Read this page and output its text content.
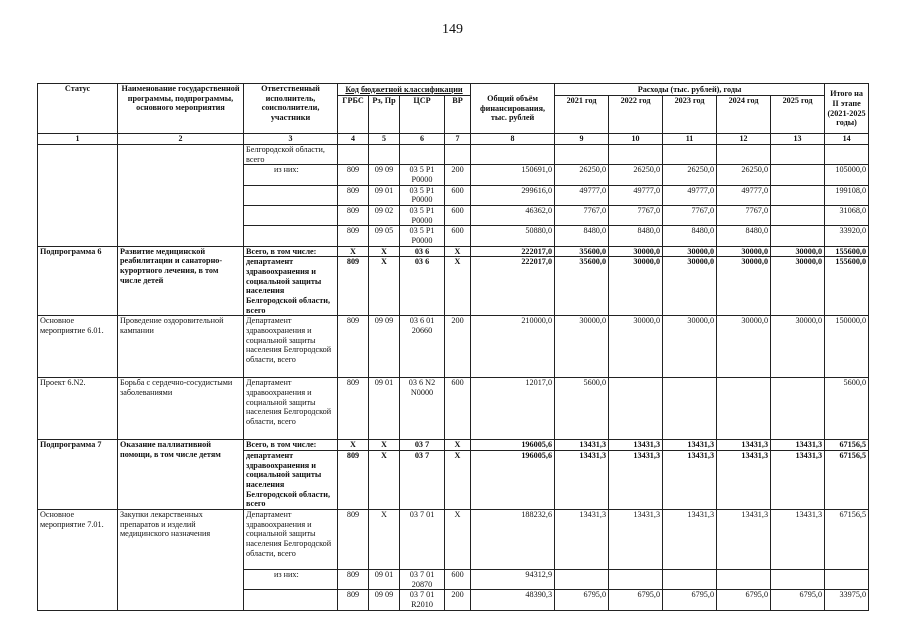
149
Статус	Наименование государственной программы, подпрограммы, основного мероприятия	Ответственный исполнитель, соисполнители, участники	Код бюджетной классификации				Общий объём финансирования, тыс. рублей	Расходы (тыс. рублей), годы					Итого на II этапе (2021-2025 годы)
			ГРБС	Рз, Пр	ЦСР	ВР		2021 год	2022 год	2023 год	2024 год	2025 год	
1	2	3	4	5	6	7	8	9	10	11	12	13	14
		Белгородской области, всего											
		из них:	809	09 09	03 5 Р1 Р0000	200	150691,0	26250,0	26250,0	26250,0	26250,0		105000,0
			809	09 01	03 5 Р1 Р0000	600	299616,0	49777,0	49777,0	49777,0	49777,0		199108,0
			809	09 02	03 5 Р1 Р0000	600	46362,0	7767,0	7767,0	7767,0	7767,0		31068,0
			809	09 05	03 5 Р1 Р0000	600	50880,0	8480,0	8480,0	8480,0	8480,0		33920,0
Подпрограмма 6	Развитие медицинской реабилитации и санаторно-курортного лечения, в том числе детей	Всего, в том числе:	X	X	03 6	X	222017,0	35600,0	30000,0	30000,0	30000,0	30000,0	155600,0
		департамент здравоохранения и социальной защиты населения Белгородской области, всего	809	X	03 6	X	222017,0	35600,0	30000,0	30000,0	30000,0	30000,0	155600,0
Основное мероприятие 6.01.	Проведение оздоровительной кампании	Департамент здравоохранения и социальной защиты населения Белгородской области, всего	809	09 09	03 6 01 20660	200	210000,0	30000,0	30000,0	30000,0	30000,0	30000,0	150000,0
Проект 6.N2.	Борьба с сердечно-сосудистыми заболеваниями	Департамент здравоохранения и социальной защиты населения Белгородской области, всего	809	09 01	03 6 N2 N0000	600	12017,0	5600,0					5600,0
Подпрограмма 7	Оказание паллиативной помощи, в том числе детям	Всего, в том числе:	X	X	03 7	X	196005,6	13431,3	13431,3	13431,3	13431,3	13431,3	67156,5
		департамент здравоохранения и социальной защиты населения Белгородской области, всего	809	X	03 7	X	196005,6	13431,3	13431,3	13431,3	13431,3	13431,3	67156,5
Основное мероприятие 7.01.	Закупки лекарственных препаратов и изделий медицинского назначения	Департамент здравоохранения и социальной защиты населения Белгородской области, всего	809	X	03 7 01	X	188232,6	13431,3	13431,3	13431,3	13431,3	13431,3	67156,5
		из них:	809	09 01	03 7 01 20870	600	94312,9						
			809	09 09	03 7 01 R2010	200	48390,3	6795,0	6795,0	6795,0	6795,0	6795,0	33975,0
